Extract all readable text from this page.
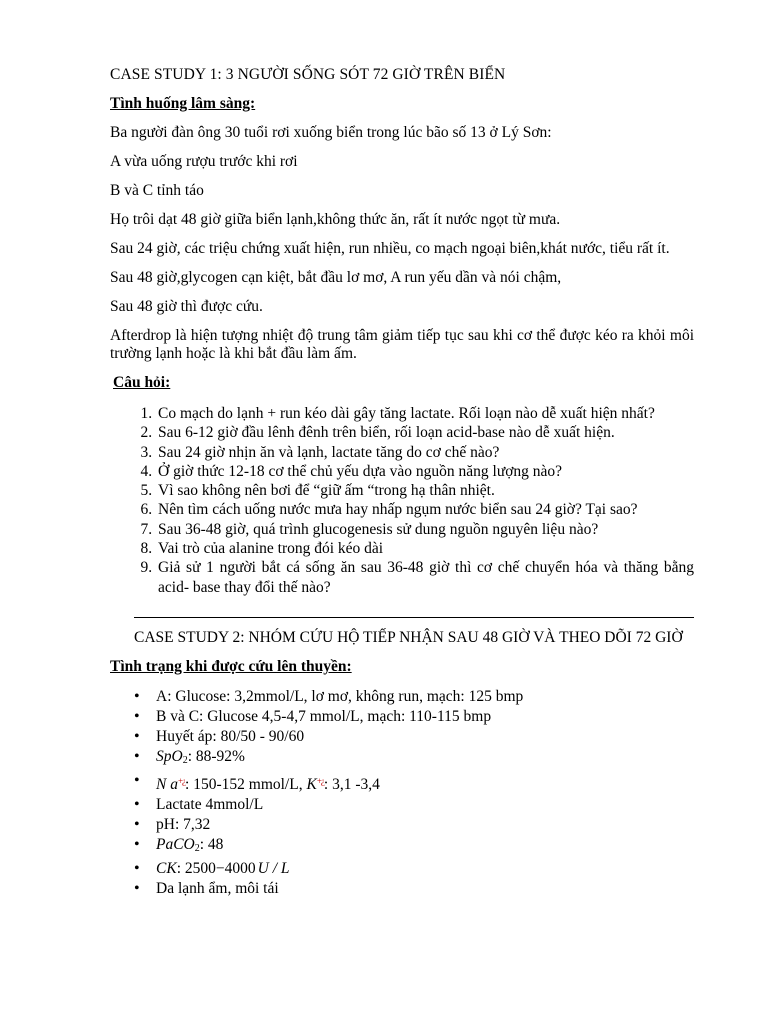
CASE STUDY 1: 3 NGƯỜI SỐNG SÓT 72 GIỜ TRÊN BIỂN

Tình huống lâm sàng:

Ba người đàn ông 30 tuổi rơi xuống biển trong lúc bão số 13 ở Lý Sơn:

A vừa uống rượu trước khi rơi

B và C tỉnh táo

Họ trôi dạt 48 giờ giữa biển lạnh,không thức ăn, rất ít nước ngọt từ mưa.

Sau 24 giờ, các triệu chứng xuất hiện, run nhiều, co mạch ngoại biên,khát nước, tiểu rất ít.

Sau 48 giờ,glycogen cạn kiệt, bắt đầu lơ mơ, A run yếu dần và nói chậm,

Sau 48 giờ thì được cứu.

Afterdrop là hiện tượng nhiệt độ trung tâm giảm tiếp tục sau khi cơ thể được kéo ra khỏi môi trường lạnh hoặc là khi bắt đầu làm ấm.

Câu hỏi:

1. Co mạch do lạnh + run kéo dài gây tăng lactate. Rối loạn nào dễ xuất hiện nhất?
2. Sau 6-12 giờ đầu lênh đênh trên biển, rối loạn acid-base nào dễ xuất hiện.
3. Sau 24 giờ nhịn ăn và lạnh, lactate tăng do cơ chế nào?
4. Ở giờ thức 12-18 cơ thể chủ yếu dựa vào nguồn năng lượng nào?
5. Vì sao không nên bơi để “giữ ấm “trong hạ thân nhiệt.
6. Nên tìm cách uống nước mưa hay nhấp ngụm nước biển sau 24 giờ? Tại sao?
7. Sau 36-48 giờ, quá trình glucogenesis sử dung nguồn nguyên liệu nào?
8. Vai trò của alanine trong đói kéo dài
9. Giả sử 1 người bắt cá sống ăn sau 36-48 giờ thì cơ chế chuyển hóa và thăng bằng acid- base thay đổi thế nào?

CASE STUDY 2: NHÓM CỨU HỘ TIẾP NHẬN SAU 48 GIỜ VÀ THEO DÕI 72 GIỜ

Tình trạng khi được cứu lên thuyền:

• A: Glucose: 3,2mmol/L, lơ mơ, không run, mạch: 125 bmp
• B và C: Glucose 4,5-4,7 mmol/L, mạch: 110-115 bmp
• Huyết áp: 80/50 - 90/60
• SpO$_2$: 88-92%
• N a+¿: 150-152 mmol/L, K+¿: 3,1 -3,4
• Lactate 4mmol/L
• pH: 7,32
• PaCO$_2$: 48
• CK: 2500−4000 U / L
• Da lạnh ẩm, môi tái
